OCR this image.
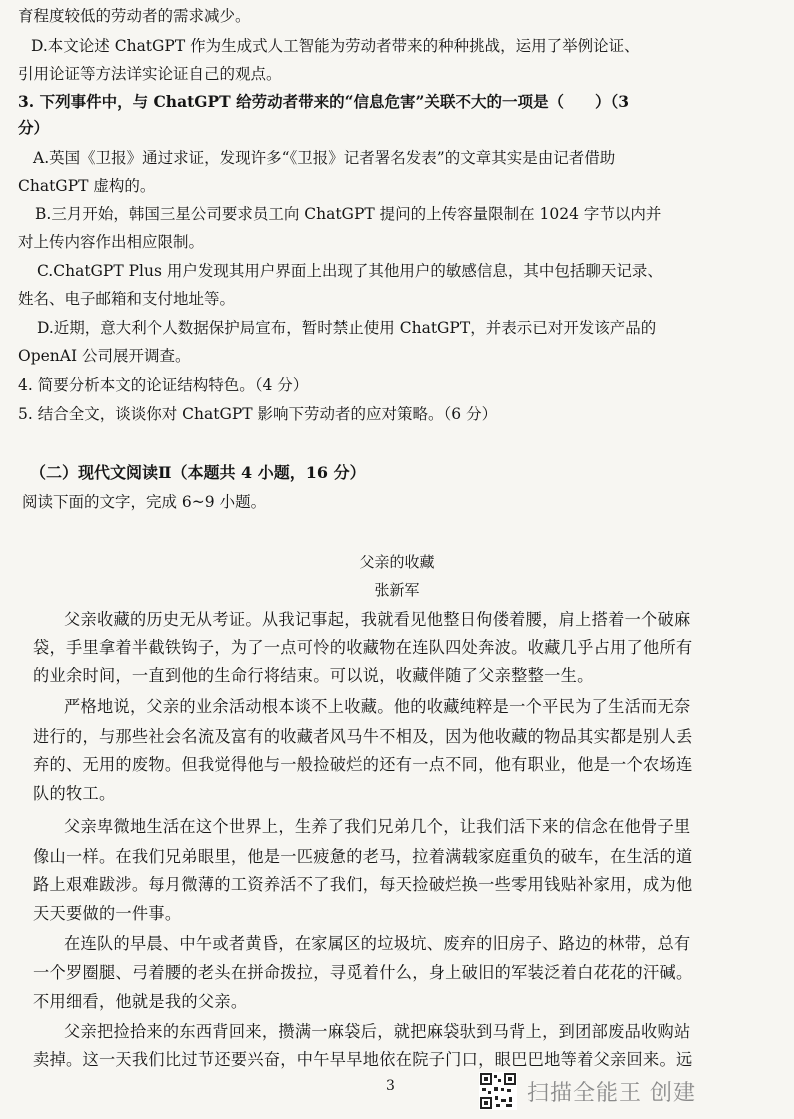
育程度较低的劳动者的需求减少。
D.本文论述 ChatGPT 作为生成式人工智能为劳动者带来的种种挑战，运用了举例论证、
引用论证等方法详实论证自己的观点。
3. 下列事件中，与 ChatGPT 给劳动者带来的“信息危害”关联不大的一项是（　　）（3
分）
A.英国《卫报》通过求证，发现许多“《卫报》记者署名发表”的文章其实是由记者借助
ChatGPT 虚构的。
B.三月开始，韩国三星公司要求员工向 ChatGPT 提问的上传容量限制在 1024 字节以内并
对上传内容作出相应限制。
C.ChatGPT Plus 用户发现其用户界面上出现了其他用户的敏感信息，其中包括聊天记录、
姓名、电子邮箱和支付地址等。
D.近期，意大利个人数据保护局宣布，暂时禁止使用 ChatGPT，并表示已对开发该产品的
OpenAI 公司展开调查。
4. 简要分析本文的论证结构特色。（4 分）
5. 结合全文，谈谈你对 ChatGPT 影响下劳动者的应对策略。（6 分）
（二）现代文阅读Ⅱ（本题共 4 小题，16 分）
阅读下面的文字，完成 6~9 小题。
父亲的收藏
张新军
父亲收藏的历史无从考证。从我记事起，我就看见他整日佝偻着腰，肩上搭着一个破麻
袋，手里拿着半截铁钩子，为了一点可怜的收藏物在连队四处奔波。收藏几乎占用了他所有
的业余时间，一直到他的生命行将结束。可以说，收藏伴随了父亲整整一生。
严格地说，父亲的业余活动根本谈不上收藏。他的收藏纯粹是一个平民为了生活而无奈
进行的，与那些社会名流及富有的收藏者风马牛不相及，因为他收藏的物品其实都是别人丢
弃的、无用的废物。但我觉得他与一般捡破烂的还有一点不同，他有职业，他是一个农场连
队的牧工。
父亲卑微地生活在这个世界上，生养了我们兄弟几个，让我们活下来的信念在他骨子里
像山一样。在我们兄弟眼里，他是一匹疲惫的老马，拉着满载家庭重负的破车，在生活的道
路上艰难跋涉。每月微薄的工资养活不了我们，每天捡破烂换一些零用钱贴补家用，成为他
天天要做的一件事。
在连队的早晨、中午或者黄昏，在家属区的垃圾坑、废弃的旧房子、路边的林带，总有
一个罗圈腿、弓着腰的老头在拼命拨拉，寻觅着什么，身上破旧的军装泛着白花花的汗碱。
不用细看，他就是我的父亲。
父亲把捡拾来的东西背回来，攒满一麻袋后，就把麻袋驮到马背上，到团部废品收购站
卖掉。这一天我们比过节还要兴奋，中午早早地依在院子门口，眼巴巴地等着父亲回来。远
3	扫描全能王 创建
